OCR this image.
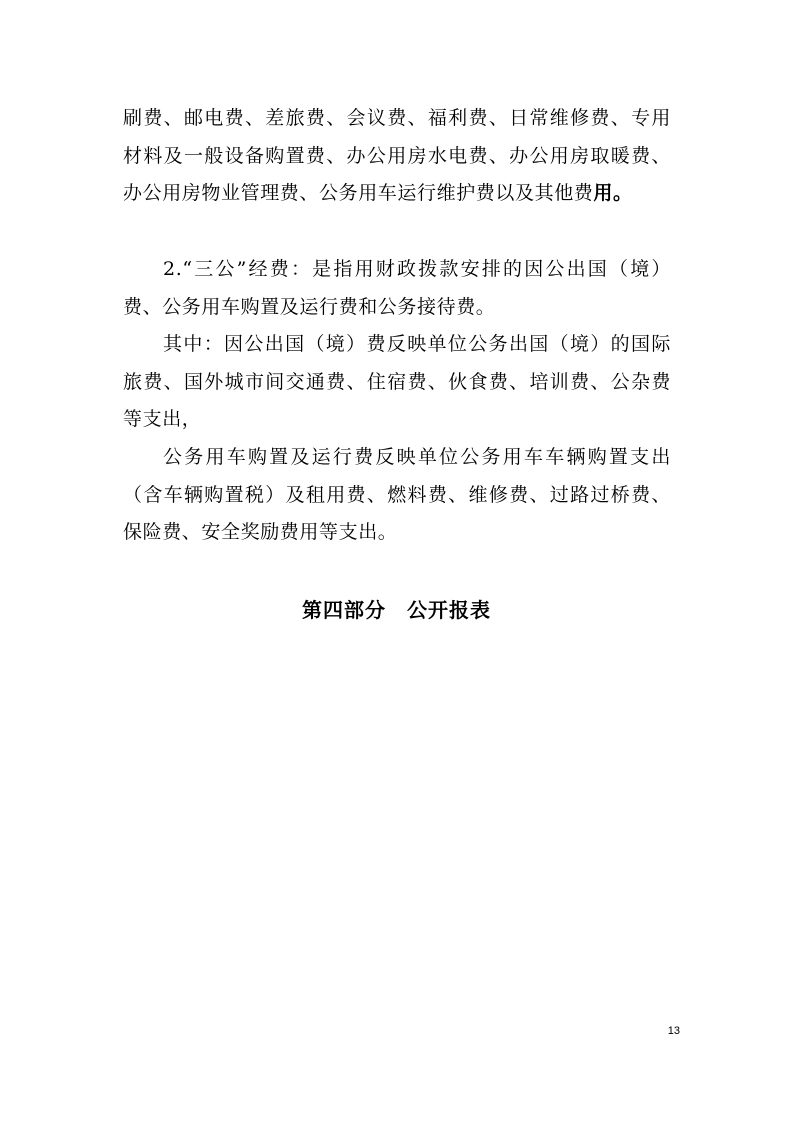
刷费、邮电费、差旅费、会议费、福利费、日常维修费、专用材料及一般设备购置费、办公用房水电费、办公用房取暖费、办公用房物业管理费、公务用车运行维护费以及其他费用。

2.“三公”经费：是指用财政拨款安排的因公出国（境）费、公务用车购置及运行费和公务接待费。

其中：因公出国（境）费反映单位公务出国（境）的国际旅费、国外城市间交通费、住宿费、伙食费、培训费、公杂费等支出，

公务用车购置及运行费反映单位公务用车车辆购置支出（含车辆购置税）及租用费、燃料费、维修费、过路过桥费、保险费、安全奖励费用等支出。

第四部分　公开报表

13
